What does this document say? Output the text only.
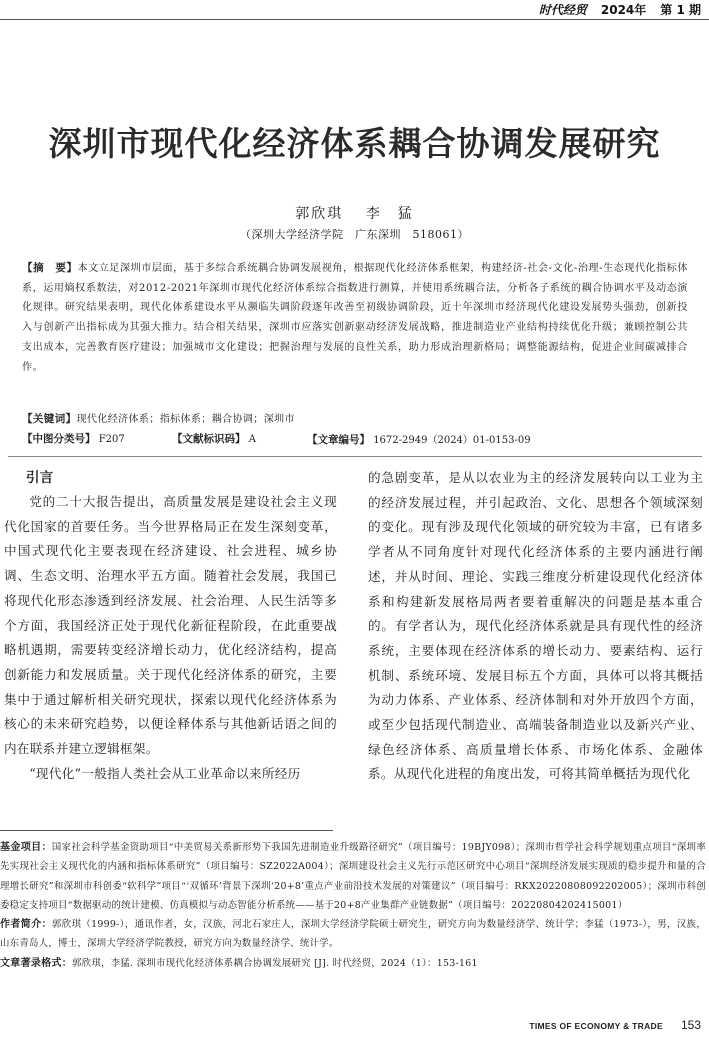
时代经贸 2024年 第 1 期
深圳市现代化经济体系耦合协调发展研究
郭欣琪 李　猛
（深圳大学经济学院　广东深圳　518061）
【摘　要】本文立足深圳市层面，基于多综合系统耦合协调发展视角，根据现代化经济体系框架，构建经济-社会-文化-治理-生态现代化指标体系，运用熵权系数法，对2012-2021年深圳市现代化经济体系综合指数进行测算，并使用系统耦合法，分析各子系统的耦合协调水平及动态演化规律。研究结果表明，现代化体系建设水平从濒临失调阶段逐年改善至初级协调阶段，近十年深圳市经济现代化建设发展势头强劲，创新投入与创新产出指标成为其强大推力。结合相关结果，深圳市应落实创新驱动经济发展战略，推进制造业产业结构持续优化升级；兼顾控制公共支出成本，完善教育医疗建设；加强城市文化建设；把握治理与发展的良性关系，助力形成治理新格局；调整能源结构，促进企业间碳减排合作。
【关键词】现代化经济体系；指标体系；耦合协调；深圳市
【中图分类号】 F207	【文献标识码】 A	【文章编号】 1672-2949（2024）01-0153-09
引言

党的二十大报告提出，高质量发展是建设社会主义现代化国家的首要任务。当今世界格局正在发生深刻变革，中国式现代化主要表现在经济建设、社会进程、城乡协调、生态文明、治理水平五方面。随着社会发展，我国已将现代化形态渗透到经济发展、社会治理、人民生活等多个方面，我国经济正处于现代化新征程阶段，在此重要战略机遇期，需要转变经济增长动力，优化经济结构，提高创新能力和发展质量。关于现代化经济体系的研究，主要集中于通过解析相关研究现状，探索以现代化经济体系为核心的未来研究趋势，以便诠释体系与其他新话语之间的内在联系并建立逻辑框架。

“现代化”一般指人类社会从工业革命以来所经历

的急剧变革，是从以农业为主的经济发展转向以工业为主的经济发展过程，并引起政治、文化、思想各个领域深刻的变化。现有涉及现代化领域的研究较为丰富，已有诸多学者从不同角度针对现代化经济体系的主要内涵进行阐述，并从时间、理论、实践三维度分析建设现代化经济体系和构建新发展格局两者要着重解决的问题是基本重合的。有学者认为，现代化经济体系就是具有现代性的经济系统，主要体现在经济体系的增长动力、要素结构、运行机制、系统环境、发展目标五个方面，具体可以将其概括为动力体系、产业体系、经济体制和对外开放四个方面，或至少包括现代制造业、高端装备制造业以及新兴产业、绿色经济体系、高质量增长体系、市场化体系、金融体系。从现代化进程的角度出发，可将其简单概括为现代化

基金项目：国家社会科学基金资助项目“中美贸易关系新形势下我国先进制造业升级路径研究”（项目编号：19BJY098）；深圳市哲学社会科学规划重点项目“深圳率先实现社会主义现代化的内涵和指标体系研究”（项目编号：SZ2022A004）；深圳建设社会主义先行示范区研究中心项目“深圳经济发展实现质的稳步提升和量的合理增长研究”和深圳市科创委“软科学”项目“‘双循环’背景下深圳‘20+8’重点产业前沿技术发展的对策建议”（项目编号：RKX20220808092202005）；深圳市科创委稳定支持项目“数据驱动的统计建模、仿真模拟与动态智能分析系统——基于20+8产业集群产业链数据”（项目编号：20220804202415001）
作者简介：郭欣琪（1999-），通讯作者，女，汉族，河北石家庄人，深圳大学经济学院硕士研究生，研究方向为数量经济学、统计学；李猛（1973-），男，汉族，山东青岛人，博士，深圳大学经济学院教授，研究方向为数量经济学、统计学。
文章著录格式：郭欣琪，李猛. 深圳市现代化经济体系耦合协调发展研究 [J]. 时代经贸，2024（1）：153-161
TIMES OF ECONOMY & TRADE 153
